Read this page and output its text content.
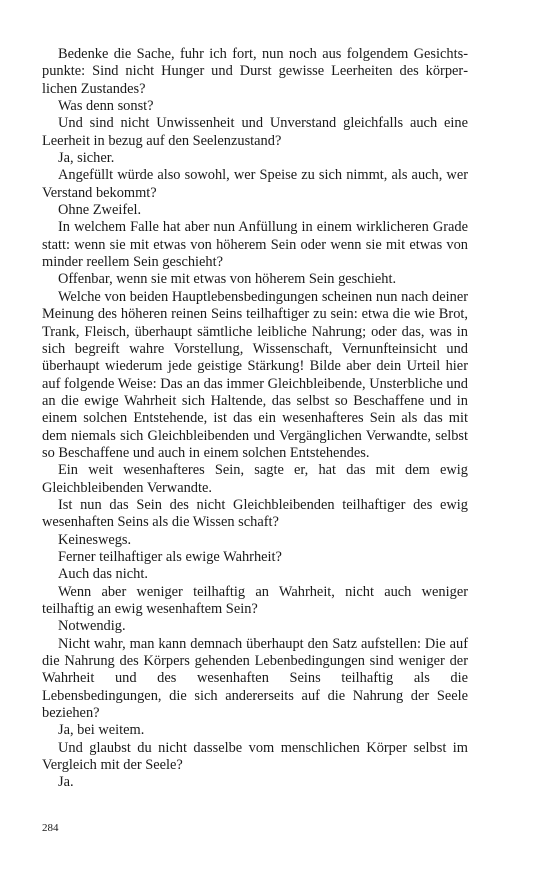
Bedenke die Sache, fuhr ich fort, nun noch aus folgendem Gesichtspunkte: Sind nicht Hunger und Durst gewisse Leerheiten des körperlichen Zustandes?

Was denn sonst?

Und sind nicht Unwissenheit und Unverstand gleichfalls auch eine Leerheit in bezug auf den Seelenzustand?

Ja, sicher.

Angefüllt würde also sowohl, wer Speise zu sich nimmt, als auch, wer Verstand bekommt?

Ohne Zweifel.

In welchem Falle hat aber nun Anfüllung in einem wirklicheren Grade statt: wenn sie mit etwas von höherem Sein oder wenn sie mit etwas von minder reellem Sein geschieht?

Offenbar, wenn sie mit etwas von höherem Sein geschieht.

Welche von beiden Hauptlebensbedingungen scheinen nun nach deiner Meinung des höheren reinen Seins teilhaftiger zu sein: etwa die wie Brot, Trank, Fleisch, überhaupt sämtliche leibliche Nahrung; oder das, was in sich begreift wahre Vorstellung, Wissenschaft, Vernunfteinsicht und überhaupt wiederum jede geistige Stärkung! Bilde aber dein Urteil hier auf folgende Weise: Das an das immer Gleichbleibende, Unsterbliche und an die ewige Wahrheit sich Haltende, das selbst so Beschaffene und in einem solchen Entstehende, ist das ein wesenhafteres Sein als das mit dem niemals sich Gleichbleibenden und Vergänglichen Verwandte, selbst so Beschaffene und auch in einem solchen Entstehendes.

Ein weit wesenhafteres Sein, sagte er, hat das mit dem ewig Gleichbleibenden Verwandte.

Ist nun das Sein des nicht Gleichbleibenden teilhaftiger des ewig wesenhaften Seins als die Wissen schaft?

Keineswegs.

Ferner teilhaftiger als ewige Wahrheit?

Auch das nicht.

Wenn aber weniger teilhaftig an Wahrheit, nicht auch weniger teilhaftig an ewig wesenhaftem Sein?

Notwendig.

Nicht wahr, man kann demnach überhaupt den Satz aufstellen: Die auf die Nahrung des Körpers gehenden Lebenbedingungen sind weniger der Wahrheit und des wesenhaften Seins teilhaftig als die Lebensbedingungen, die sich andererseits auf die Nahrung der Seele beziehen?

Ja, bei weitem.

Und glaubst du nicht dasselbe vom menschlichen Körper selbst im Vergleich mit der Seele?

Ja.

284
